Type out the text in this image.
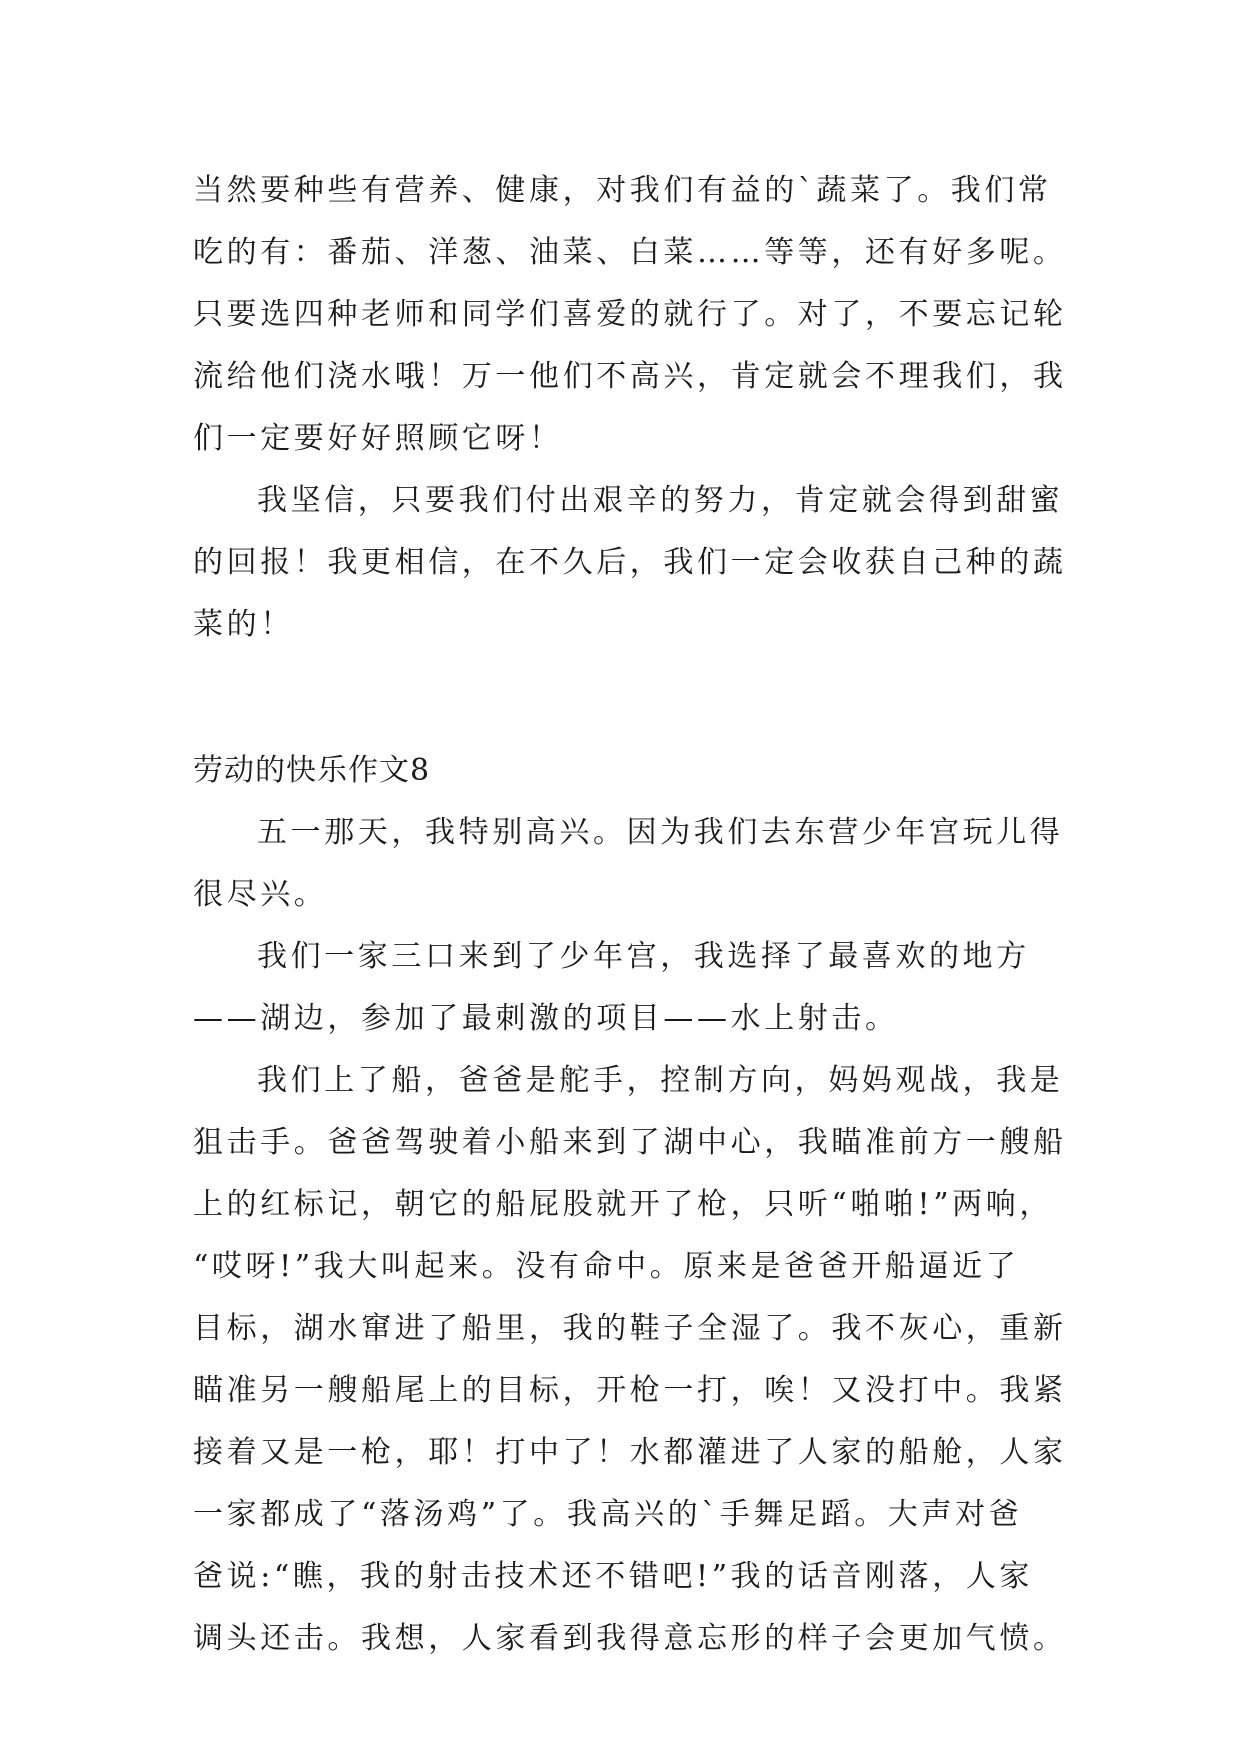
当然要种些有营养、健康，对我们有益的`蔬菜了。我们常
吃的有：番茄、洋葱、油菜、白菜……等等，还有好多呢。
只要选四种老师和同学们喜爱的就行了。对了，不要忘记轮
流给他们浇水哦！万一他们不高兴，肯定就会不理我们，我
们一定要好好照顾它呀！
我坚信，只要我们付出艰辛的努力，肯定就会得到甜蜜
的回报！我更相信，在不久后，我们一定会收获自己种的蔬
菜的！
劳动的快乐作文8
五一那天，我特别高兴。因为我们去东营少年宫玩儿得
很尽兴。
我们一家三口来到了少年宫，我选择了最喜欢的地方
——湖边，参加了最刺激的项目——水上射击。
我们上了船，爸爸是舵手，控制方向，妈妈观战，我是
狙击手。爸爸驾驶着小船来到了湖中心，我瞄准前方一艘船
上的红标记，朝它的船屁股就开了枪，只听“啪啪!”两响，
“哎呀!”我大叫起来。没有命中。原来是爸爸开船逼近了
目标，湖水窜进了船里，我的鞋子全湿了。我不灰心，重新
瞄准另一艘船尾上的目标，开枪一打，唉！又没打中。我紧
接着又是一枪，耶！打中了！水都灌进了人家的船舱，人家
一家都成了“落汤鸡”了。我高兴的`手舞足蹈。大声对爸
爸说:“瞧，我的射击技术还不错吧!”我的话音刚落，人家
调头还击。我想，人家看到我得意忘形的样子会更加气愤。
